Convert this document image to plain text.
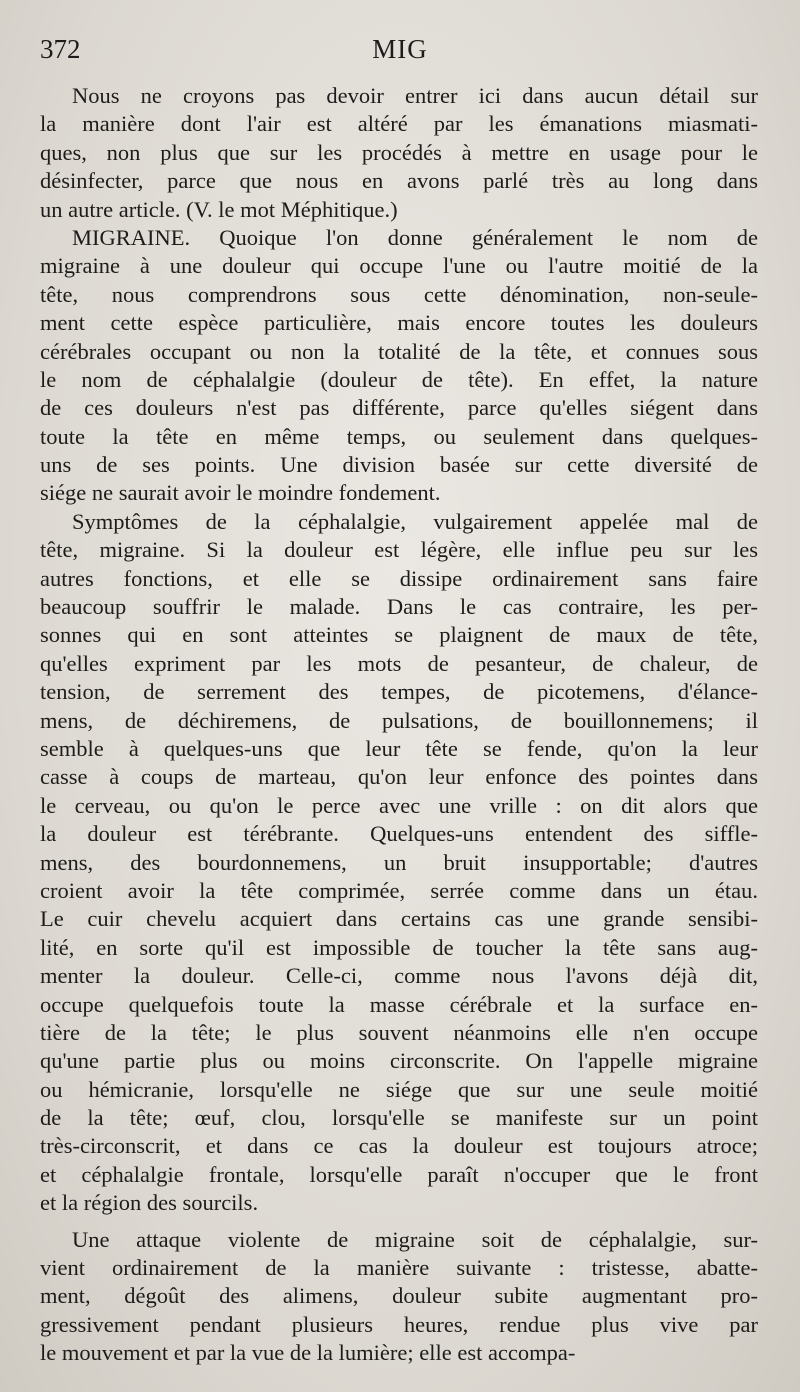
372	MIG
Nous ne croyons pas devoir entrer ici dans aucun détail sur
la manière dont l'air est altéré par les émanations miasmati-
ques, non plus que sur les procédés à mettre en usage pour le
désinfecter, parce que nous en avons parlé très au long dans
un autre article. (V. le mot Méphitique.)
MIGRAINE. Quoique l'on donne généralement le nom de
migraine à une douleur qui occupe l'une ou l'autre moitié de la
tête, nous comprendrons sous cette dénomination, non-seule-
ment cette espèce particulière, mais encore toutes les douleurs
cérébrales occupant ou non la totalité de la tête, et connues sous
le nom de céphalalgie (douleur de tête). En effet, la nature
de ces douleurs n'est pas différente, parce qu'elles siégent dans
toute la tête en même temps, ou seulement dans quelques-
uns de ses points. Une division basée sur cette diversité de
siége ne saurait avoir le moindre fondement.
Symptômes de la céphalalgie, vulgairement appelée mal de
tête, migraine. Si la douleur est légère, elle influe peu sur les
autres fonctions, et elle se dissipe ordinairement sans faire
beaucoup souffrir le malade. Dans le cas contraire, les per-
sonnes qui en sont atteintes se plaignent de maux de tête,
qu'elles expriment par les mots de pesanteur, de chaleur, de
tension, de serrement des tempes, de picotemens, d'élance-
mens, de déchiremens, de pulsations, de bouillonnemens; il
semble à quelques-uns que leur tête se fende, qu'on la leur
casse à coups de marteau, qu'on leur enfonce des pointes dans
le cerveau, ou qu'on le perce avec une vrille : on dit alors que
la douleur est térébrante. Quelques-uns entendent des siffle-
mens, des bourdonnemens, un bruit insupportable; d'autres
croient avoir la tête comprimée, serrée comme dans un étau.
Le cuir chevelu acquiert dans certains cas une grande sensibi-
lité, en sorte qu'il est impossible de toucher la tête sans aug-
menter la douleur. Celle-ci, comme nous l'avons déjà dit,
occupe quelquefois toute la masse cérébrale et la surface en-
tière de la tête; le plus souvent néanmoins elle n'en occupe
qu'une partie plus ou moins circonscrite. On l'appelle migraine
ou hémicranie, lorsqu'elle ne siége que sur une seule moitié
de la tête; œuf, clou, lorsqu'elle se manifeste sur un point
très-circonscrit, et dans ce cas la douleur est toujours atroce;
et céphalalgie frontale, lorsqu'elle paraît n'occuper que le front
et la région des sourcils.
Une attaque violente de migraine soit de céphalalgie, sur-
vient ordinairement de la manière suivante : tristesse, abatte-
ment, dégoût des alimens, douleur subite augmentant pro-
gressivement pendant plusieurs heures, rendue plus vive par
le mouvement et par la vue de la lumière; elle est accompa-
